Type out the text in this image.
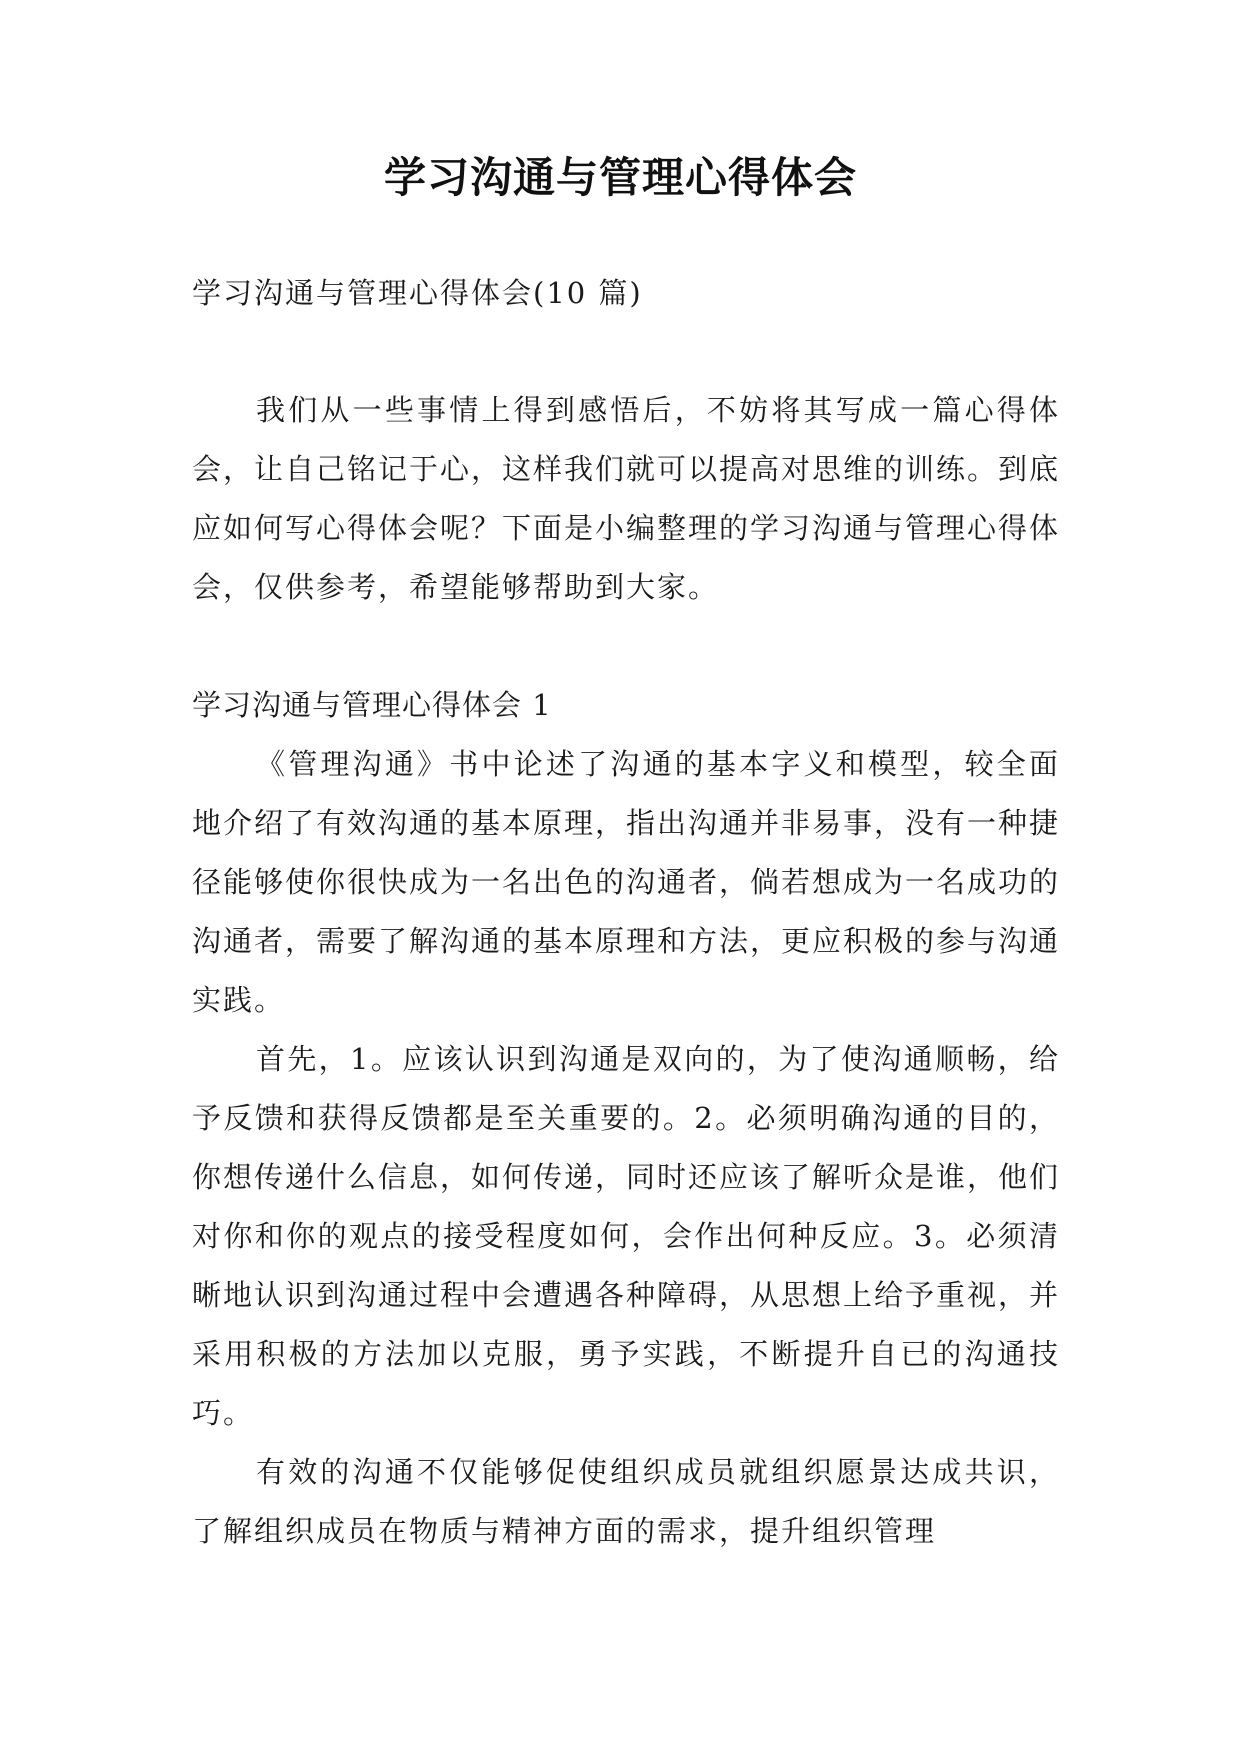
学习沟通与管理心得体会

学习沟通与管理心得体会(10 篇)

我们从一些事情上得到感悟后，不妨将其写成一篇心得体会，让自己铭记于心，这样我们就可以提高对思维的训练。到底应如何写心得体会呢？下面是小编整理的学习沟通与管理心得体会，仅供参考，希望能够帮助到大家。

学习沟通与管理心得体会 1

《管理沟通》书中论述了沟通的基本字义和模型，较全面地介绍了有效沟通的基本原理，指出沟通并非易事，没有一种捷径能够使你很快成为一名出色的沟通者，倘若想成为一名成功的沟通者，需要了解沟通的基本原理和方法，更应积极的参与沟通实践。

首先，1。应该认识到沟通是双向的，为了使沟通顺畅，给予反馈和获得反馈都是至关重要的。2。必须明确沟通的目的，你想传递什么信息，如何传递，同时还应该了解听众是谁，他们对你和你的观点的接受程度如何，会作出何种反应。3。必须清晰地认识到沟通过程中会遭遇各种障碍，从思想上给予重视，并采用积极的方法加以克服，勇予实践，不断提升自已的沟通技巧。

有效的沟通不仅能够促使组织成员就组织愿景达成共识，了解组织成员在物质与精神方面的需求，提升组织管理
